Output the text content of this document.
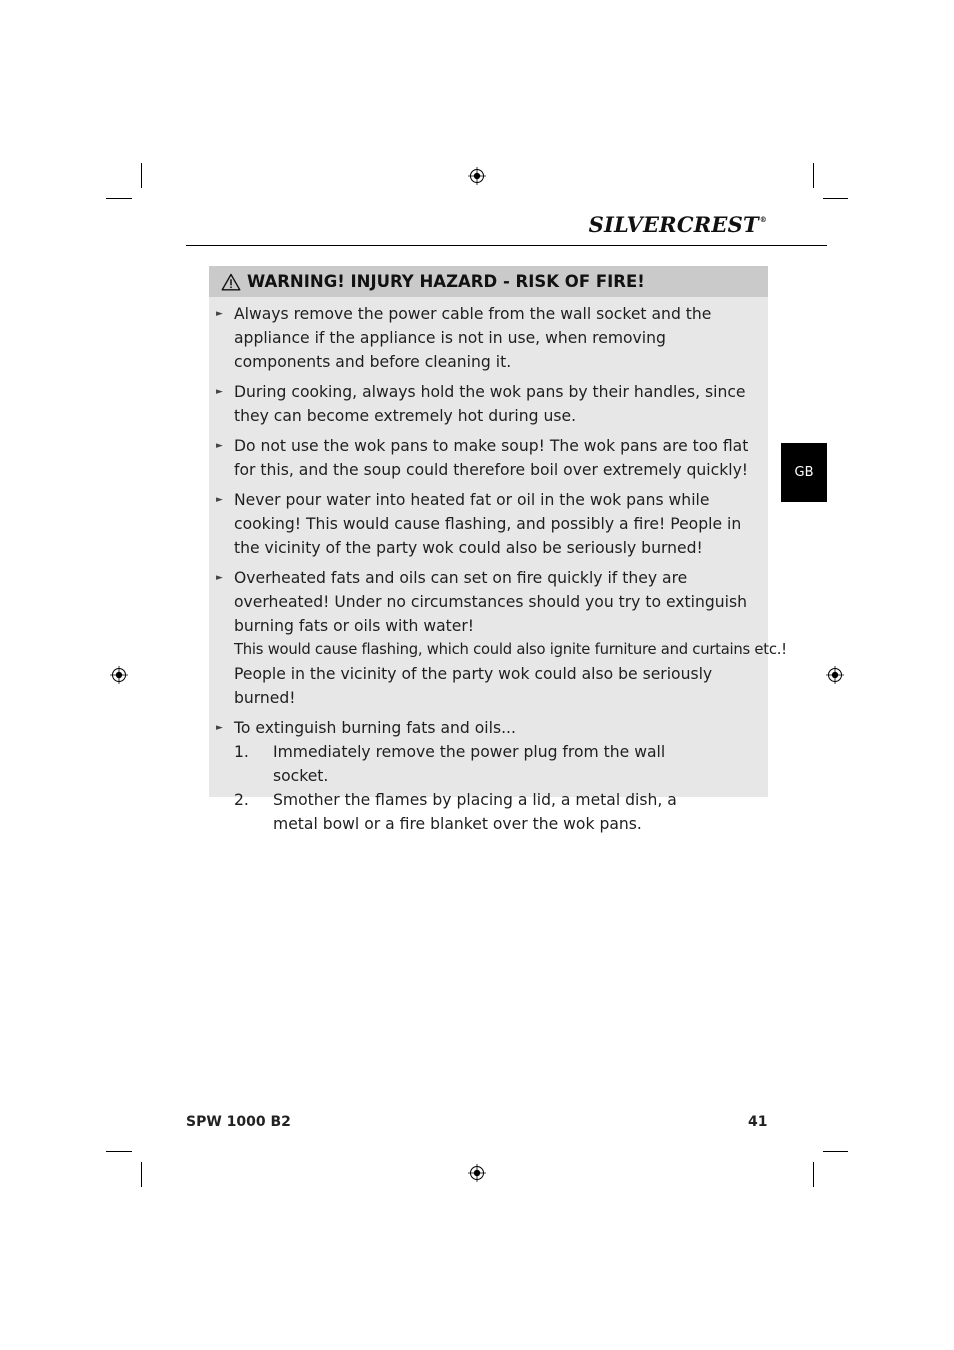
SILVERCREST®
GB
WARNING! INJURY HAZARD - RISK OF FIRE!
► Always remove the power cable from the wall socket and the appliance if the appliance is not in use, when removing components and before cleaning it.
► During cooking, always hold the wok pans by their handles, since they can become extremely hot during use.
► Do not use the wok pans to make soup! The wok pans are too flat for this, and the soup could therefore boil over extremely quickly!
► Never pour water into heated fat or oil in the wok pans while cooking! This would cause flashing, and possibly a fire! People in the vicinity of the party wok could also be seriously burned!
► Overheated fats and oils can set on fire quickly if they are overheated! Under no circumstances should you try to extinguish burning fats or oils with water!
This would cause flashing, which could also ignite furniture and curtains etc.!
People in the vicinity of the party wok could also be seriously burned!
► To extinguish burning fats and oils...
1.	Immediately remove the power plug from the wall socket.
2.	Smother the flames by placing a lid, a metal dish, a metal bowl or a fire blanket over the wok pans.
SPW 1000 B2	41
